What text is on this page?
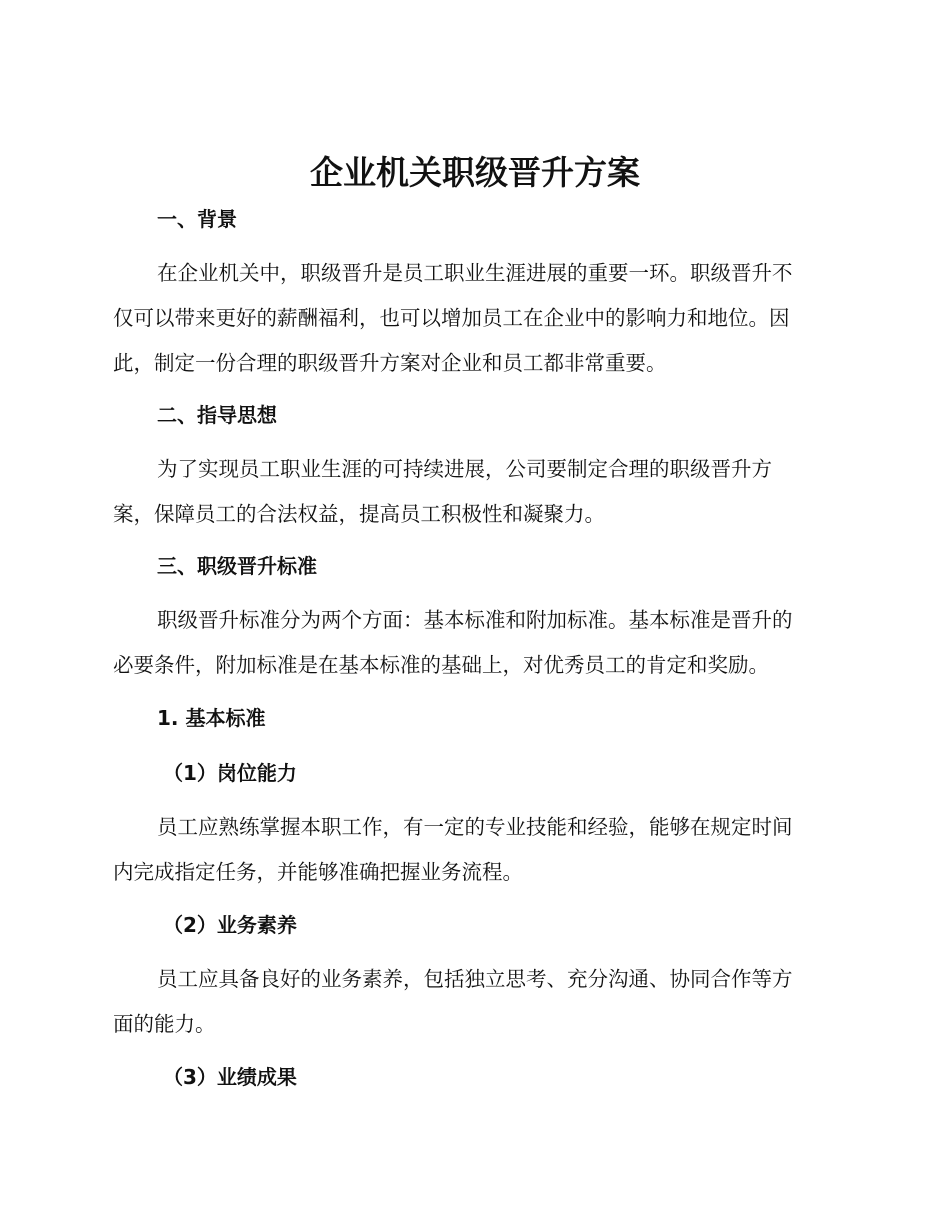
企业机关职级晋升方案
一、背景
在企业机关中，职级晋升是员工职业生涯进展的重要一环。职级晋升不
仅可以带来更好的薪酬福利，也可以增加员工在企业中的影响力和地位。因
此，制定一份合理的职级晋升方案对企业和员工都非常重要。
二、指导思想
为了实现员工职业生涯的可持续进展，公司要制定合理的职级晋升方
案，保障员工的合法权益，提高员工积极性和凝聚力。
三、职级晋升标准
职级晋升标准分为两个方面：基本标准和附加标准。基本标准是晋升的
必要条件，附加标准是在基本标准的基础上，对优秀员工的肯定和奖励。
1. 基本标准
（1）岗位能力
员工应熟练掌握本职工作，有一定的专业技能和经验，能够在规定时间
内完成指定任务，并能够准确把握业务流程。
（2）业务素养
员工应具备良好的业务素养，包括独立思考、充分沟通、协同合作等方
面的能力。
（3）业绩成果
